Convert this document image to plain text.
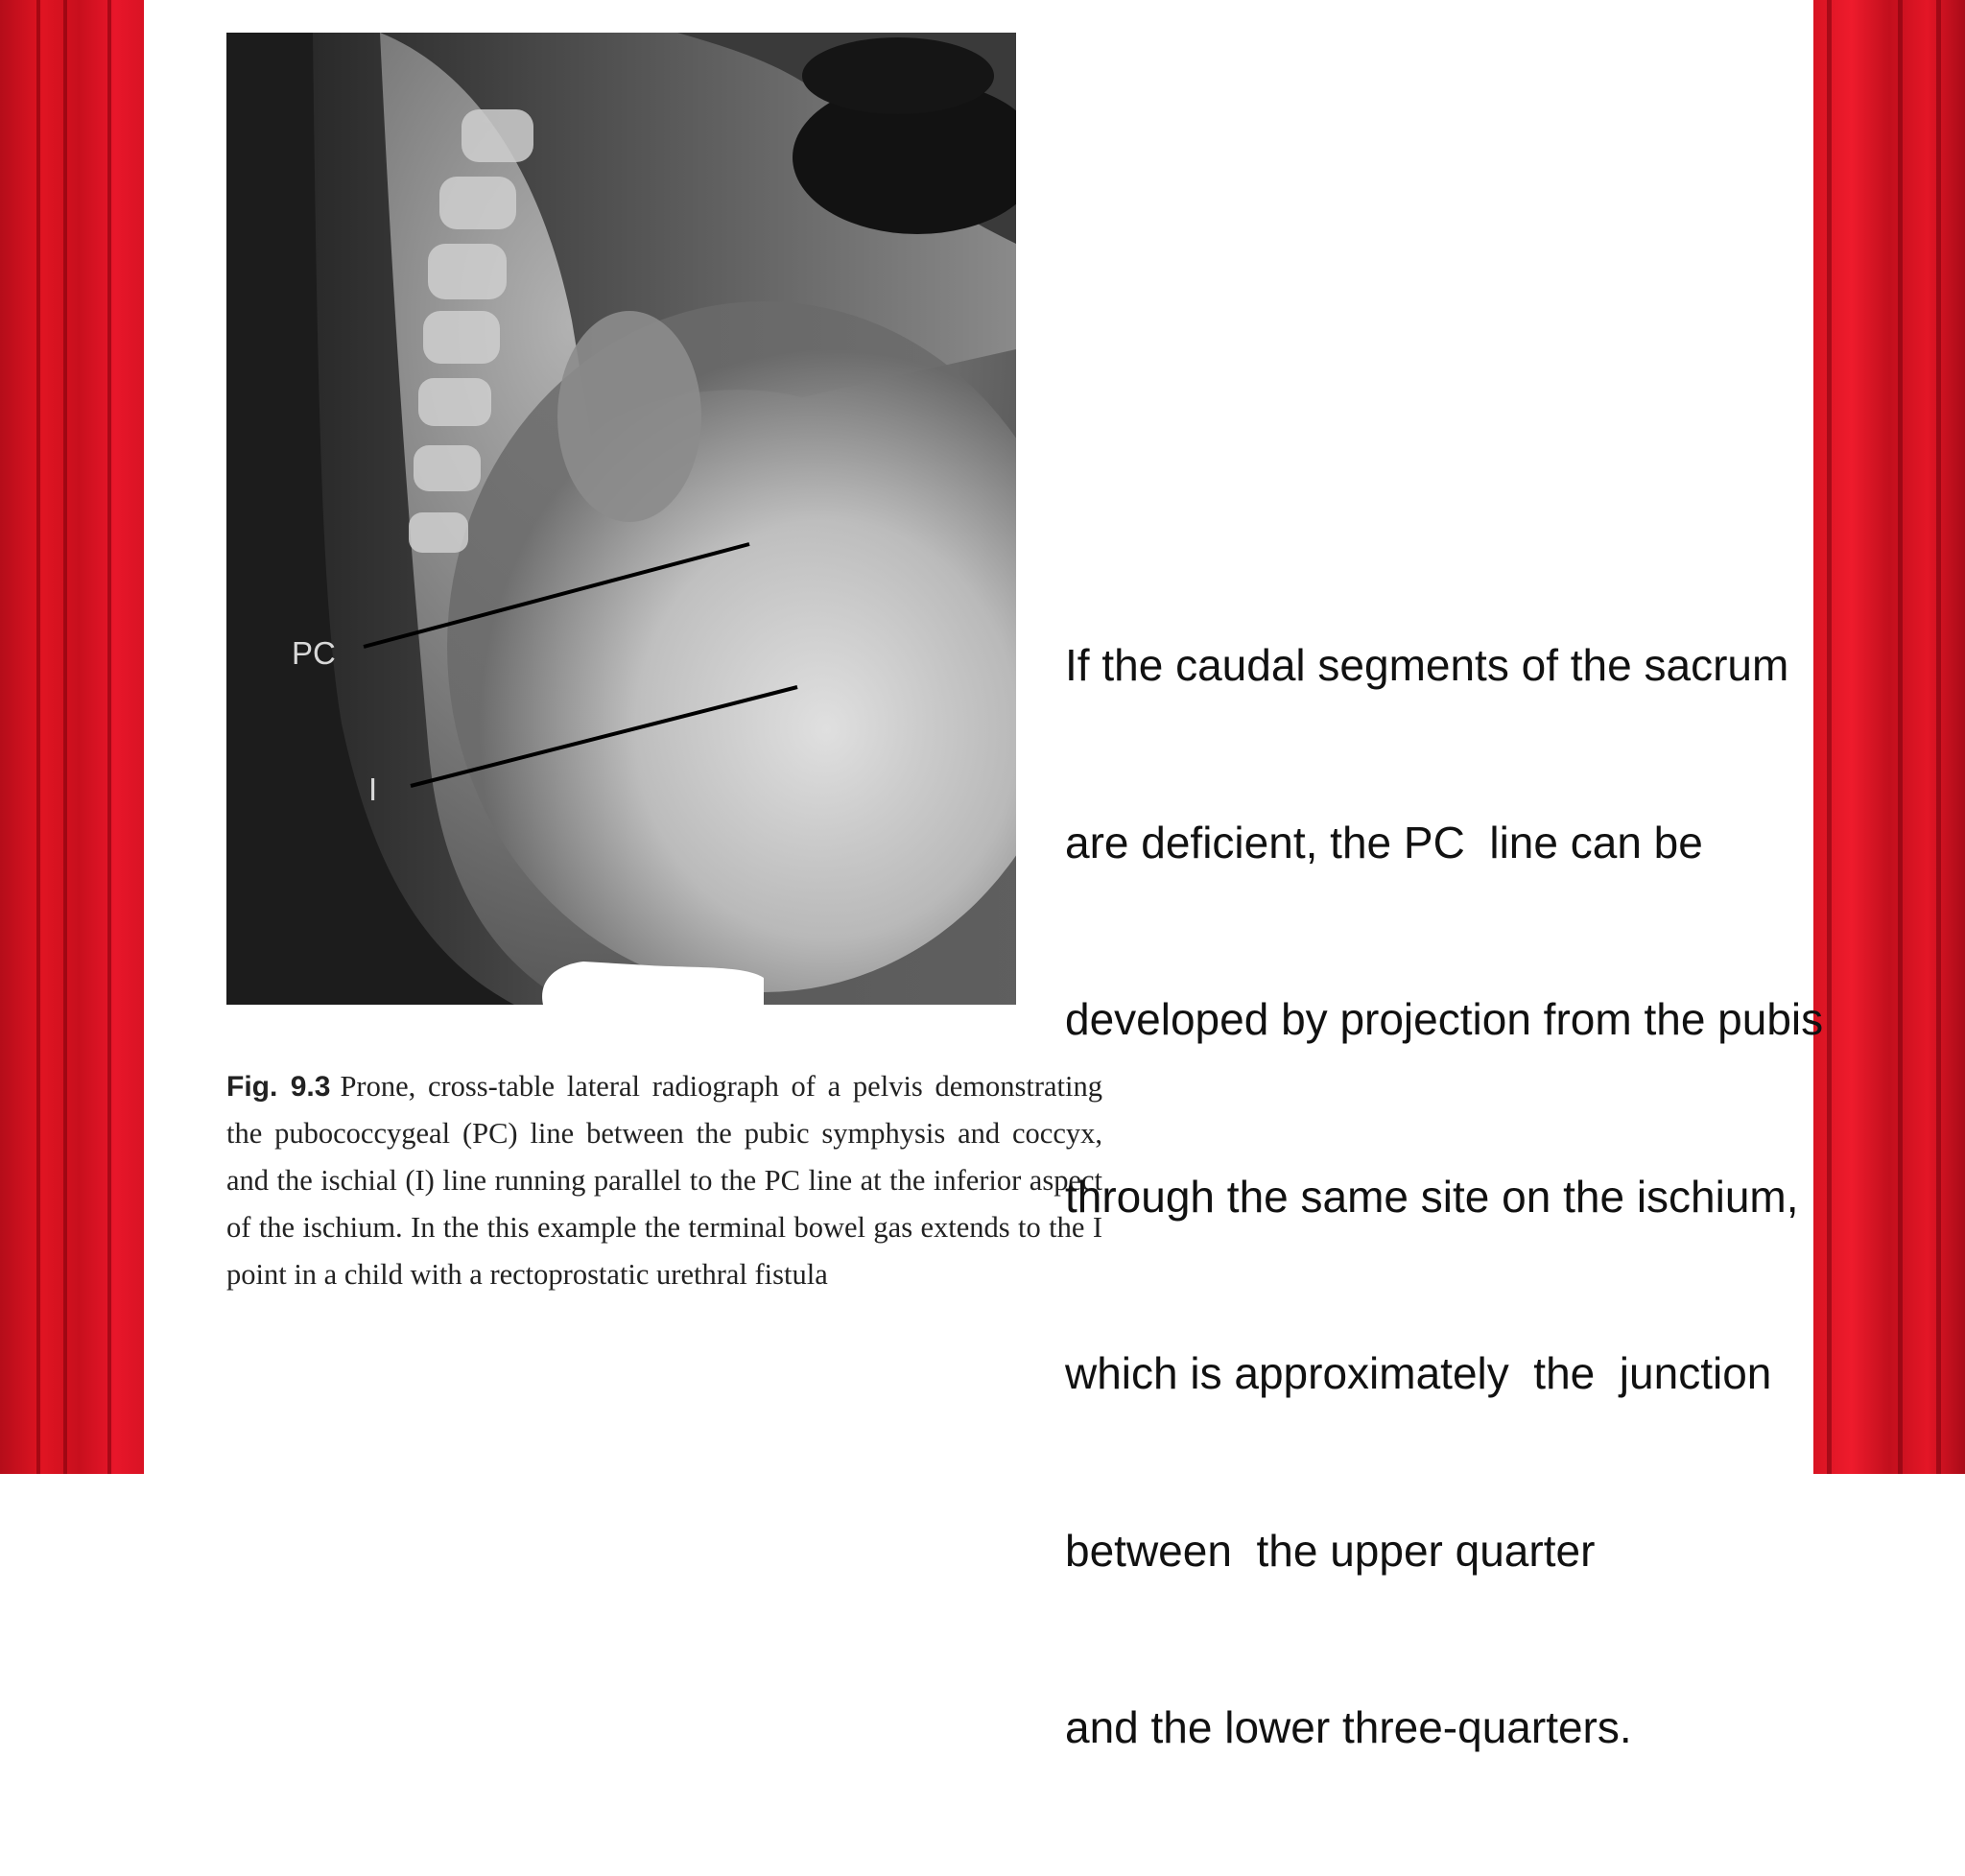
PC
I
Fig. 9.3 Prone, cross-table lateral radiograph of a pelvis demonstrating the pubococcygeal (PC) line between the pubic symphysis and coccyx, and the ischial (I) line running parallel to the PC line at the inferior aspect of the ischium. In the this example the terminal bowel gas extends to the I point in a child with a rectoprostatic urethral fistula

If the caudal segments of the sacrum

are deficient, the PC  line can be

developed by projection from the pubis

through the same site on the ischium,

which is approximately  the  junction

between  the upper quarter

and the lower three-quarters.
